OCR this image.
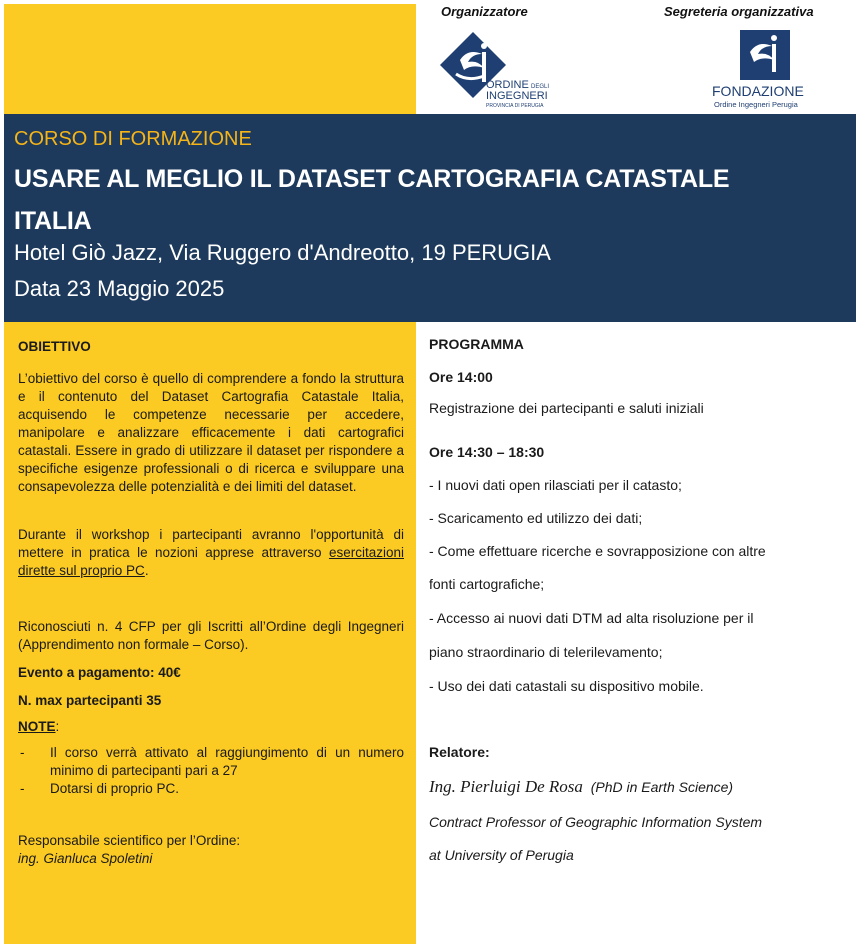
Organizzatore	Segreteria organizzativa
ORDINE DEGLI
INGEGNERI
PROVINCIA DI PERUGIA
FONDAZIONE
Ordine Ingegneri Perugia
CORSO DI FORMAZIONE
USARE AL MEGLIO IL DATASET CARTOGRAFIA CATASTALE ITALIA
Hotel Giò Jazz, Via Ruggero d'Andreotto, 19 PERUGIA
Data 23 Maggio 2025
OBIETTIVO
L’obiettivo del corso è quello di comprendere a fondo la struttura e il contenuto del Dataset Cartografia Catastale Italia, acquisendo le competenze necessarie per accedere, manipolare e analizzare efficacemente i dati cartografici catastali. Essere in grado di utilizzare il dataset per rispondere a specifiche esigenze professionali o di ricerca e sviluppare una consapevolezza delle potenzialità e dei limiti del dataset.
Durante il workshop i partecipanti avranno l'opportunità di mettere in pratica le nozioni apprese attraverso esercitazioni dirette sul proprio PC.
Riconosciuti n. 4 CFP per gli Iscritti all’Ordine degli Ingegneri (Apprendimento non formale – Corso).
Evento a pagamento: 40€
N. max partecipanti 35
NOTE:
- Il corso verrà attivato al raggiungimento di un numero minimo di partecipanti pari a 27
- Dotarsi di proprio PC.
Responsabile scientifico per l’Ordine:
ing. Gianluca Spoletini
PROGRAMMA
Ore 14:00
Registrazione dei partecipanti e saluti iniziali
Ore 14:30 – 18:30
- I nuovi dati open rilasciati per il catasto;
- Scaricamento ed utilizzo dei dati;
- Come effettuare ricerche e sovrapposizione con altre
fonti cartografiche;
- Accesso ai nuovi dati DTM ad alta risoluzione per il
piano straordinario di telerilevamento;
- Uso dei dati catastali su dispositivo mobile.
Relatore:
Ing. Pierluigi De Rosa (PhD in Earth Science)
Contract Professor of Geographic Information System
at University of Perugia
